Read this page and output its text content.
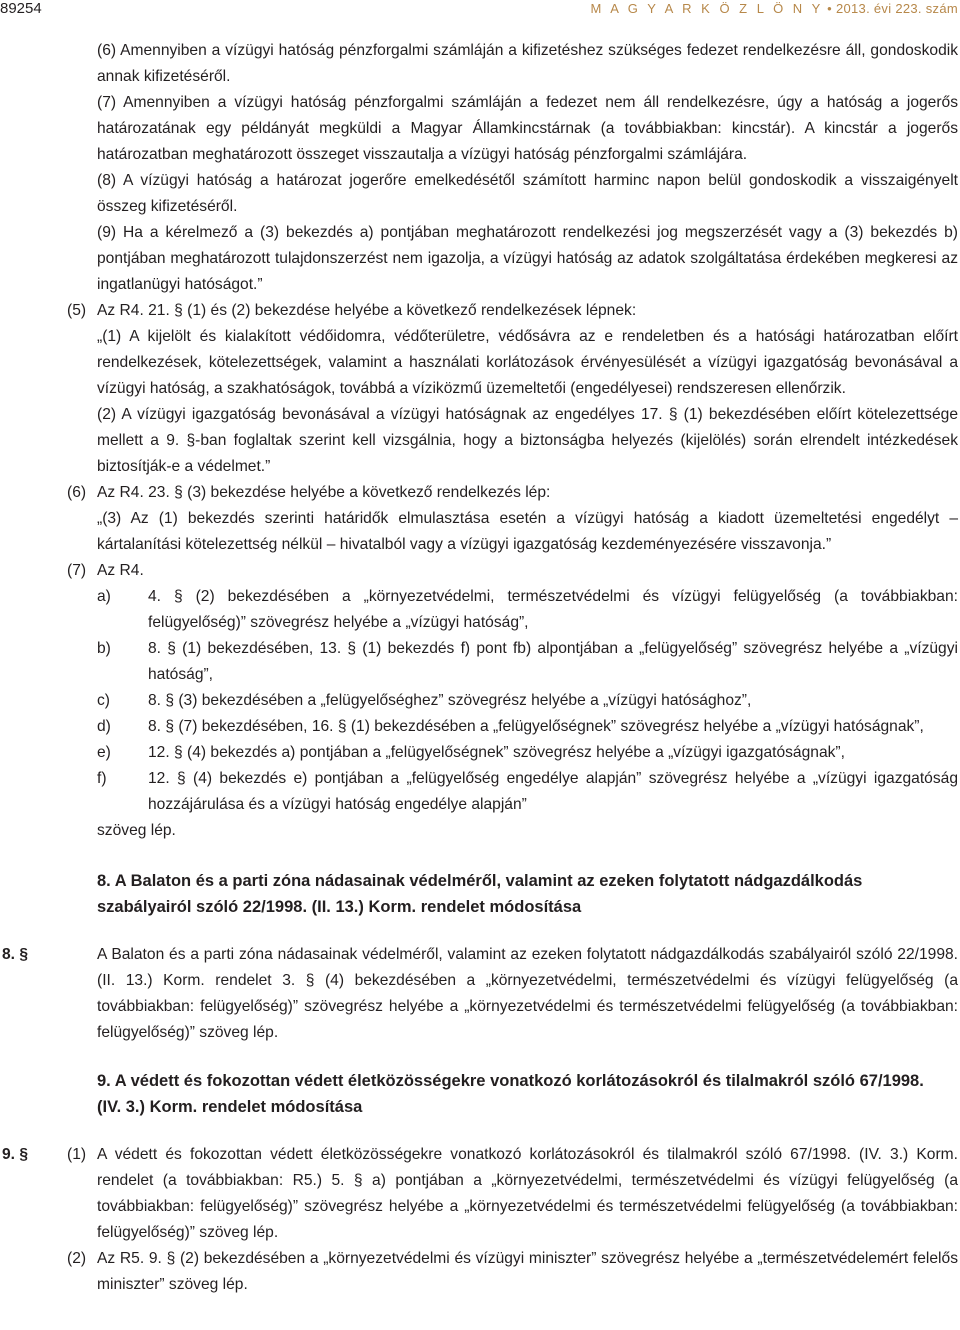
89254	M A G Y A R K Ö Z L Ö N Y • 2013. évi 223. szám
(6) Amennyiben a vízügyi hatóság pénzforgalmi számláján a kifizetéshez szükséges fedezet rendelkezésre áll, gondoskodik annak kifizetéséről.
(7) Amennyiben a vízügyi hatóság pénzforgalmi számláján a fedezet nem áll rendelkezésre, úgy a hatóság a jogerős határozatának egy példányát megküldi a Magyar Államkincstárnak (a továbbiakban: kincstár). A kincstár a jogerős határozatban meghatározott összeget visszautalja a vízügyi hatóság pénzforgalmi számlájára.
(8) A vízügyi hatóság a határozat jogerőre emelkedésétől számított harminc napon belül gondoskodik a visszaigényelt összeg kifizetéséről.
(9) Ha a kérelmező a (3) bekezdés a) pontjában meghatározott rendelkezési jog megszerzését vagy a (3) bekezdés b) pontjában meghatározott tulajdonszerzést nem igazolja, a vízügyi hatóság az adatok szolgáltatása érdekében megkeresi az ingatlanügyi hatóságot.”
(5) Az R4. 21. § (1) és (2) bekezdése helyébe a következő rendelkezések lépnek:
„(1) A kijelölt és kialakított védőidomra, védőterületre, védősávra az e rendeletben és a hatósági határozatban előírt rendelkezések, kötelezettségek, valamint a használati korlátozások érvényesülését a vízügyi igazgatóság bevonásával a vízügyi hatóság, a szakhatóságok, továbbá a víziközmű üzemeltetői (engedélyesei) rendszeresen ellenőrzik.
(2) A vízügyi igazgatóság bevonásával a vízügyi hatóságnak az engedélyes 17. § (1) bekezdésében előírt kötelezettsége mellett a 9. §-ban foglaltak szerint kell vizsgálnia, hogy a biztonságba helyezés (kijelölés) során elrendelt intézkedések biztosítják-e a védelmet.”
(6) Az R4. 23. § (3) bekezdése helyébe a következő rendelkezés lép:
„(3) Az (1) bekezdés szerinti határidők elmulasztása esetén a vízügyi hatóság a kiadott üzemeltetési engedélyt – kártalanítási kötelezettség nélkül – hivatalból vagy a vízügyi igazgatóság kezdeményezésére visszavonja.”
(7) Az R4.
a) 4. § (2) bekezdésében a „környezetvédelmi, természetvédelmi és vízügyi felügyelőség (a továbbiakban: felügyelőség)” szövegrész helyébe a „vízügyi hatóság”,
b) 8. § (1) bekezdésében, 13. § (1) bekezdés f) pont fb) alpontjában a „felügyelőség” szövegrész helyébe a „vízügyi hatóság”,
c) 8. § (3) bekezdésében a „felügyelőséghez” szövegrész helyébe a „vízügyi hatósághoz”,
d) 8. § (7) bekezdésében, 16. § (1) bekezdésében a „felügyelőségnek” szövegrész helyébe a „vízügyi hatóságnak”,
e) 12. § (4) bekezdés a) pontjában a „felügyelőségnek” szövegrész helyébe a „vízügyi igazgatóságnak”,
f)	12. § (4) bekezdés e) pontjában a „felügyelőség engedélye alapján” szövegrész helyébe a „vízügyi igazgatóság hozzájárulása és a vízügyi hatóság engedélye alapján”
szöveg lép.
8. A Balaton és a parti zóna nádasainak védelméről, valamint az ezeken folytatott nádgazdálkodás szabályairól szóló 22/1998. (II. 13.) Korm. rendelet módosítása
8. §	A Balaton és a parti zóna nádasainak védelméről, valamint az ezeken folytatott nádgazdálkodás szabályairól szóló 22/1998. (II. 13.) Korm. rendelet 3. § (4) bekezdésében a „környezetvédelmi, természetvédelmi és vízügyi felügyelőség (a továbbiakban: felügyelőség)” szövegrész helyébe a „környezetvédelmi és természetvédelmi felügyelőség (a továbbiakban: felügyelőség)” szöveg lép.
9. A védett és fokozottan védett életközösségekre vonatkozó korlátozásokról és tilalmakról szóló 67/1998. (IV. 3.) Korm. rendelet módosítása
9. § (1) A védett és fokozottan védett életközösségekre vonatkozó korlátozásokról és tilalmakról szóló 67/1998. (IV. 3.) Korm. rendelet (a továbbiakban: R5.) 5. § a) pontjában a „környezetvédelmi, természetvédelmi és vízügyi felügyelőség (a továbbiakban: felügyelőség)” szövegrész helyébe a „környezetvédelmi és természetvédelmi felügyelőség (a továbbiakban: felügyelőség)” szöveg lép.
(2) Az R5. 9. § (2) bekezdésében a „környezetvédelmi és vízügyi miniszter” szövegrész helyébe a „természetvédelemért felelős miniszter” szöveg lép.
